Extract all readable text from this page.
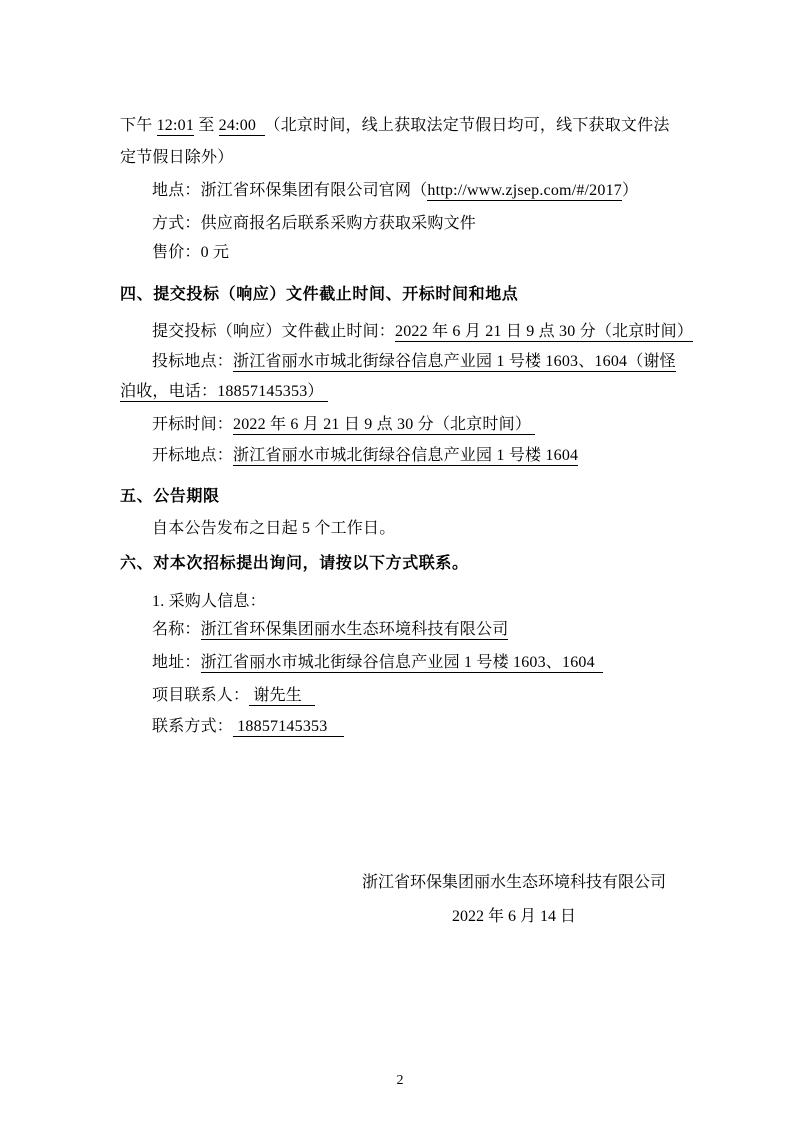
下午 12:01 至 24:00  （北京时间，线上获取法定节假日均可，线下获取文件法

定节假日除外）

地点：浙江省环保集团有限公司官网（http://www.zjsep.com/#/2017）

方式：供应商报名后联系采购方获取采购文件

售价：0 元

四、提交投标（响应）文件截止时间、开标时间和地点

提交投标（响应）文件截止时间：2022 年 6 月 21 日 9 点 30 分（北京时间）

投标地点：浙江省丽水市城北街绿谷信息产业园 1 号楼 1603、1604（谢怪

泊收，电话：18857145353）

开标时间：2022 年 6 月 21 日 9 点 30 分（北京时间）

开标地点：浙江省丽水市城北街绿谷信息产业园 1 号楼 1604

五、公告期限

自本公告发布之日起 5 个工作日。

六、对本次招标提出询问，请按以下方式联系。

1. 采购人信息：

名称：浙江省环保集团丽水生态环境科技有限公司

地址：浙江省丽水市城北街绿谷信息产业园 1 号楼 1603、1604

项目联系人： 谢先生

联系方式： 18857145353

浙江省环保集团丽水生态环境科技有限公司

2022 年 6 月 14 日

2
